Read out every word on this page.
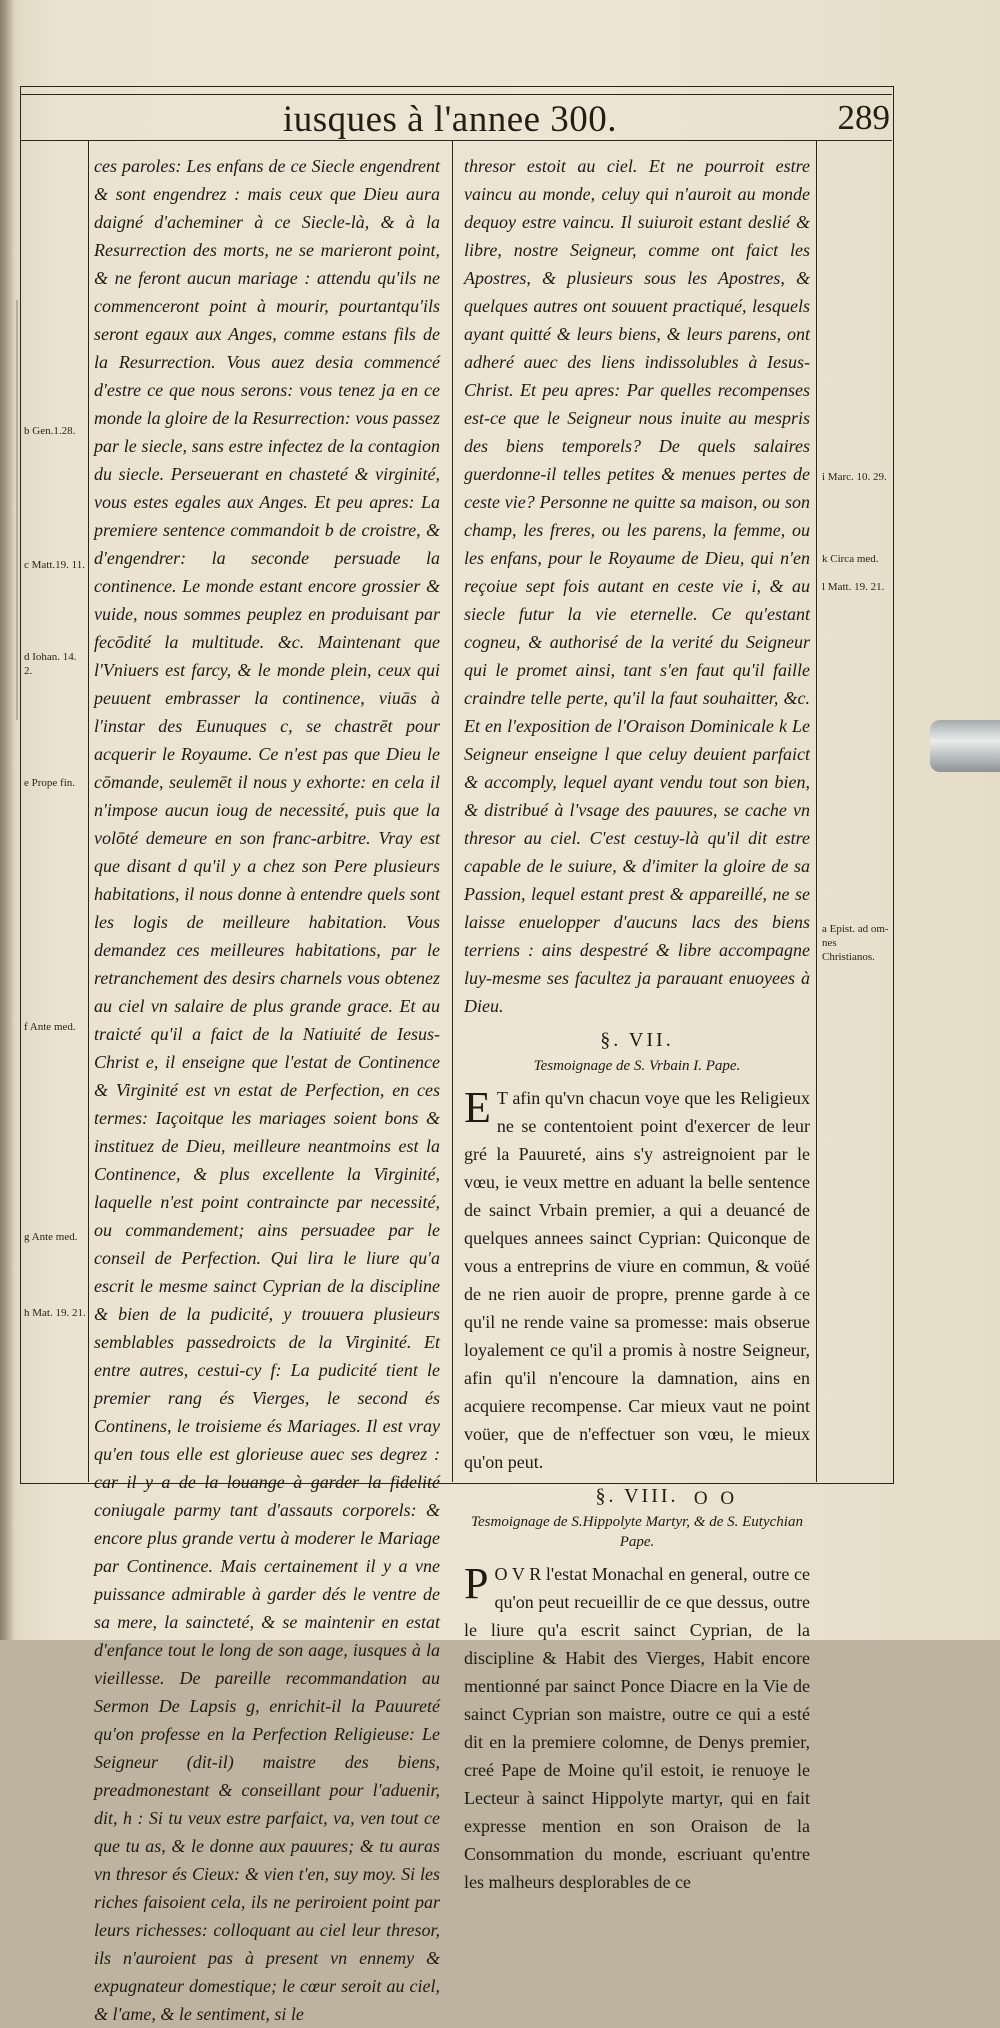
iusques à l'annee 300.	289
b Gen.1.28.
c Matt.19. 11.
d Iohan. 14. 2.
e Prope fin.
f Ante med.
g Ante med.
h Mat. 19. 21.
i Marc. 10. 29.
k Circa med.
l Matt. 19. 21.
a Epist. ad om- nes Christianos.

ces paroles: Les enfans de ce Siecle engendrent & sont engendrez : mais ceux que Dieu aura daigné d'acheminer à ce Siecle-là, & à la Resurrection des morts, ne se marieront point, & ne feront aucun mariage : attendu qu'ils ne commenceront point à mourir, pourtantqu'ils seront egaux aux Anges, comme estans fils de la Resurrection. Vous auez desia commencé d'estre ce que nous serons: vous tenez ja en ce monde la gloire de la Resurrection: vous passez par le siecle, sans estre infectez de la contagion du siecle. Perseuerant en chasteté & virginité, vous estes egales aux Anges. Et peu apres: La premiere sentence commandoit b de croistre, & d'engendrer: la seconde persuade la continence. Le monde estant encore grossier & vuide, nous sommes peuplez en produisant par fecōdité la multitude. &c. Maintenant que l'Vniuers est farcy, & le monde plein, ceux qui peuuent embrasser la continence, viuās à l'instar des Eunuques c, se chastrēt pour acquerir le Royaume. Ce n'est pas que Dieu le cōmande, seulemēt il nous y exhorte: en cela il n'impose aucun ioug de necessité, puis que la volōté demeure en son franc-arbitre. Vray est que disant d qu'il y a chez son Pere plusieurs habitations, il nous donne à entendre quels sont les logis de meilleure habitation. Vous demandez ces meilleures habitations, par le retranchement des desirs charnels vous obtenez au ciel vn salaire de plus grande grace. Et au traicté qu'il a faict de la Natiuité de Iesus-Christ e, il enseigne que l'estat de Continence & Virginité est vn estat de Perfection, en ces termes: Iaçoitque les mariages soient bons & instituez de Dieu, meilleure neantmoins est la Continence, & plus excellente la Virginité, laquelle n'est point contraincte par necessité, ou commandement; ains persuadee par le conseil de Perfection. Qui lira le liure qu'a escrit le mesme sainct Cyprian de la discipline & bien de la pudicité, y trouuera plusieurs semblables passedroicts de la Virginité. Et entre autres, cestui-cy f: La pudicité tient le premier rang és Vierges, le second és Continens, le troisieme és Mariages. Il est vray qu'en tous elle est glorieuse auec ses degrez : car il y a de la louange à garder la fidelité coniugale parmy tant d'assauts corporels: & encore plus grande vertu à moderer le Mariage par Continence. Mais certainement il y a vne puissance admirable à garder dés le ventre de sa mere, la saincteté, & se maintenir en estat d'enfance tout le long de son aage, iusques à la vieillesse. De pareille recommandation au Sermon De Lapsis g, enrichit-il la Pauureté qu'on professe en la Perfection Religieuse: Le Seigneur (dit-il) maistre des biens, preadmonestant & conseillant pour l'aduenir, dit, h : Si tu veux estre parfaict, va, ven tout ce que tu as, & le donne aux pauures; & tu auras vn thresor és Cieux: & vien t'en, suy moy. Si les riches faisoient cela, ils ne periroient point par leurs richesses: colloquant au ciel leur thresor, ils n'auroient pas à present vn ennemy & expugnateur domestique; le cœur seroit au ciel, & l'ame, & le sentiment, si le

thresor estoit au ciel. Et ne pourroit estre vaincu au monde, celuy qui n'auroit au monde dequoy estre vaincu. Il suiuroit estant deslié & libre, nostre Seigneur, comme ont faict les Apostres, & plusieurs sous les Apostres, & quelques autres ont souuent practiqué, lesquels ayant quitté & leurs biens, & leurs parens, ont adheré auec des liens indissolubles à Iesus-Christ. Et peu apres: Par quelles recompenses est-ce que le Seigneur nous inuite au mespris des biens temporels? De quels salaires guerdonne-il telles petites & menues pertes de ceste vie? Personne ne quitte sa maison, ou son champ, les freres, ou les parens, la femme, ou les enfans, pour le Royaume de Dieu, qui n'en reçoiue sept fois autant en ceste vie i, & au siecle futur la vie eternelle. Ce qu'estant cogneu, & authorisé de la verité du Seigneur qui le promet ainsi, tant s'en faut qu'il faille craindre telle perte, qu'il la faut souhaitter, &c. Et en l'exposition de l'Oraison Dominicale k Le Seigneur enseigne l que celuy deuient parfaict & accomply, lequel ayant vendu tout son bien, & distribué à l'vsage des pauures, se cache vn thresor au ciel. C'est cestuy-là qu'il dit estre capable de le suiure, & d'imiter la gloire de sa Passion, lequel estant prest & appareillé, ne se laisse enuelopper d'aucuns lacs des biens terriens : ains despestré & libre accompagne luy-mesme ses facultez ja parauant enuoyees à Dieu.

§. VII.
Tesmoignage de S. Vrbain I. Pape.

E T afin qu'vn chacun voye que les Religieux ne se contentoient point d'exercer de leur gré la Pauureté, ains s'y astreignoient par le vœu, ie veux mettre en aduant la belle sentence de sainct Vrbain premier, a qui a deuancé de quelques annees sainct Cyprian: Quiconque de vous a entreprins de viure en commun, & voüé de ne rien auoir de propre, prenne garde à ce qu'il ne rende vaine sa promesse: mais obserue loyalement ce qu'il a promis à nostre Seigneur, afin qu'il n'encoure la damnation, ains en acquiere recompense. Car mieux vaut ne point voüer, que de n'effectuer son vœu, le mieux qu'on peut.

§. VIII.
Tesmoignage de S.Hippolyte Martyr, & de S. Eutychian Pape.

P O V R l'estat Monachal en general, outre ce qu'on peut recueillir de ce que dessus, outre le liure qu'a escrit sainct Cyprian, de la discipline & Habit des Vierges, Habit encore mentionné par sainct Ponce Diacre en la Vie de sainct Cyprian son maistre, outre ce qui a esté dit en la premiere colomne, de Denys premier, creé Pape de Moine qu'il estoit, ie renuoye le Lecteur à sainct Hippolyte martyr, qui en fait expresse mention en son Oraison de la Consommation du monde, escriuant qu'entre les malheurs desplorables de ce

O O
